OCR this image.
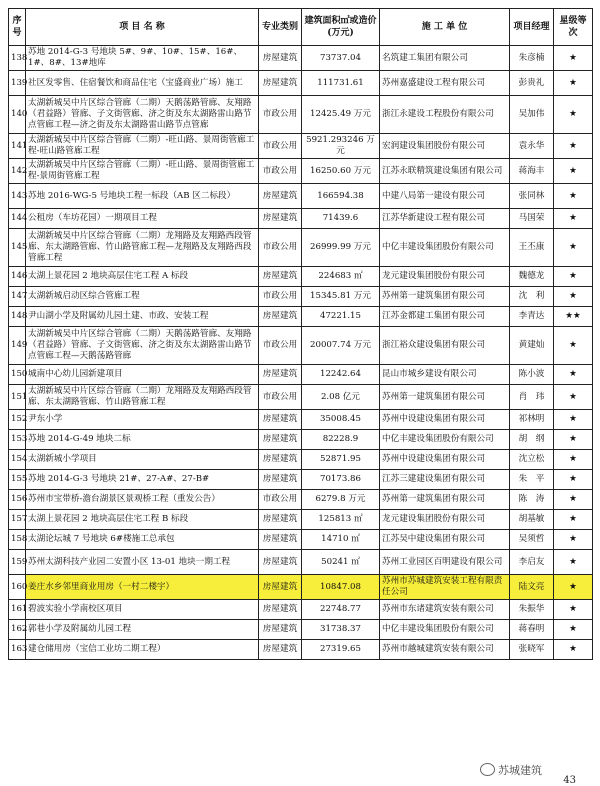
序号	项 目 名 称	专业类别	建筑面积㎡或造价(万元)	施 工 单 位	项目经理	星级等次
138	苏地 2014-G-3 号地块 5#、9#、10#、15#、16#、1#、8#、13#地库	房屋建筑	73737.04	名筑建工集团有限公司	朱彦楠	★
139	社区发零售、住宿餐饮和商品住宅（宝盛商业广场）施工	房屋建筑	111731.61	苏州嘉盛建设工程有限公司	彭贵礼	★
140	太湖新城吴中片区综合管廊（二期）天鹅荡路管廊、友翔路（君益路）管廊、子文街管廊、济之街及东太湖路雷山路节点管廊工程—济之街及东太湖路雷山路节点管廊	市政公用	12425.49 万元	浙江永建设工程股份有限公司	吴加伟	★
141	太湖新城吴中片区综合管廊（二期）-旺山路、景周街管廊工程-旺山路管廊工程	市政公用	5921.293246 万元	宏润建设集团股份有限公司	袁永华	★
142	太湖新城吴中片区综合管廊（二期）-旺山路、景周街管廊工程-景周街管廊工程	市政公用	16250.60 万元	江苏永联精筑建设集团有限公司	蒋海丰	★
143	苏地 2016-WG-5 号地块工程一标段（AB 区二标段）	房屋建筑	166594.38	中建八局第一建设有限公司	张同林	★
144	公租房（车坊花园）一期项目工程	房屋建筑	71439.6	江苏华新建设工程有限公司	马国荣	★
145	太湖新城吴中片区综合管廊（二期）龙翔路及友翔路西段管廊、东太湖路管廊、竹山路管廊工程—龙翔路及友翔路西段管廊工程	市政公用	26999.99 万元	中亿丰建设集团股份有限公司	王丕康	★
146	太湖上景花园 2 地块高层住宅工程 A 标段	房屋建筑	224683 ㎡	龙元建设集团股份有限公司	魏德龙	★
147	太湖新城启动区综合管廊工程	市政公用	15345.81 万元	苏州第一建筑集团有限公司	沈　利	★
148	尹山湖小学及附属幼儿园土建、市政、安装工程	房屋建筑	47221.15	江苏金都建工集团有限公司	李青达	★★
149	太湖新城吴中片区综合管廊（二期）天鹅荡路管廊、友翔路（君益路）管廊、子文街管廊、济之街及东太湖路雷山路节点管廊工程—天鹅荡路管廊	市政公用	20007.74 万元	浙江裕众建设集团有限公司	黄建灿	★
150	城南中心幼儿园新建项目	房屋建筑	12242.64	昆山市城乡建设有限公司	陈小波	★
151	太湖新城吴中片区综合管廊（二期）龙翔路及友翔路西段管廊、东太湖路管廊、竹山路管廊工程	市政公用	2.08 亿元	苏州第一建筑集团有限公司	肖　玮	★
152	尹东小学	房屋建筑	35008.45	苏州中设建设集团有限公司	祁林明	★
153	苏地 2014-G-49 地块二标	房屋建筑	82228.9	中亿丰建设集团股份有限公司	胡　纲	★
154	太湖新城小学项目	房屋建筑	52871.95	苏州中设建设集团有限公司	沈立松	★
155	苏地 2014-G-3 号地块 21#、27-A#、27-B#	房屋建筑	70173.86	江苏三建建设集团有限公司	朱　平	★
156	苏州市宝带桥-澹台湖景区景观桥工程（重发公告）	市政公用	6279.8 万元	苏州第一建筑集团有限公司	陈　涛	★
157	太湖上景花园 2 地块高层住宅工程 B 标段	房屋建筑	125813 ㎡	龙元建设集团股份有限公司	胡基敏	★
158	太湖论坛城 7 号地块 6#楼施工总承包	房屋建筑	14710 ㎡	江苏吴中建设集团有限公司	吴须哲	★
159	苏州太湖科技产业园二安置小区 13-01 地块一期工程	房屋建筑	50241 ㎡	苏州工业园区百明建设有限公司	李启友	★
160	姜庄水乡邻里商业用房（一村二楼宇）	房屋建筑	10847.08	苏州市苏城建筑安装工程有限责任公司	陆文亮	★
161	碧波实验小学南校区项目	房屋建筑	22748.77	苏州市东诸建筑安装有限公司	朱振华	★
162	郭巷小学及附属幼儿园工程	房屋建筑	31738.37	中亿丰建设集团股份有限公司	蒋春明	★
163	建仓储用房（宝信工业坊二期工程）	房屋建筑	27319.65	苏州市越城建筑安装有限公司	张晓军	★
苏城建筑
43
